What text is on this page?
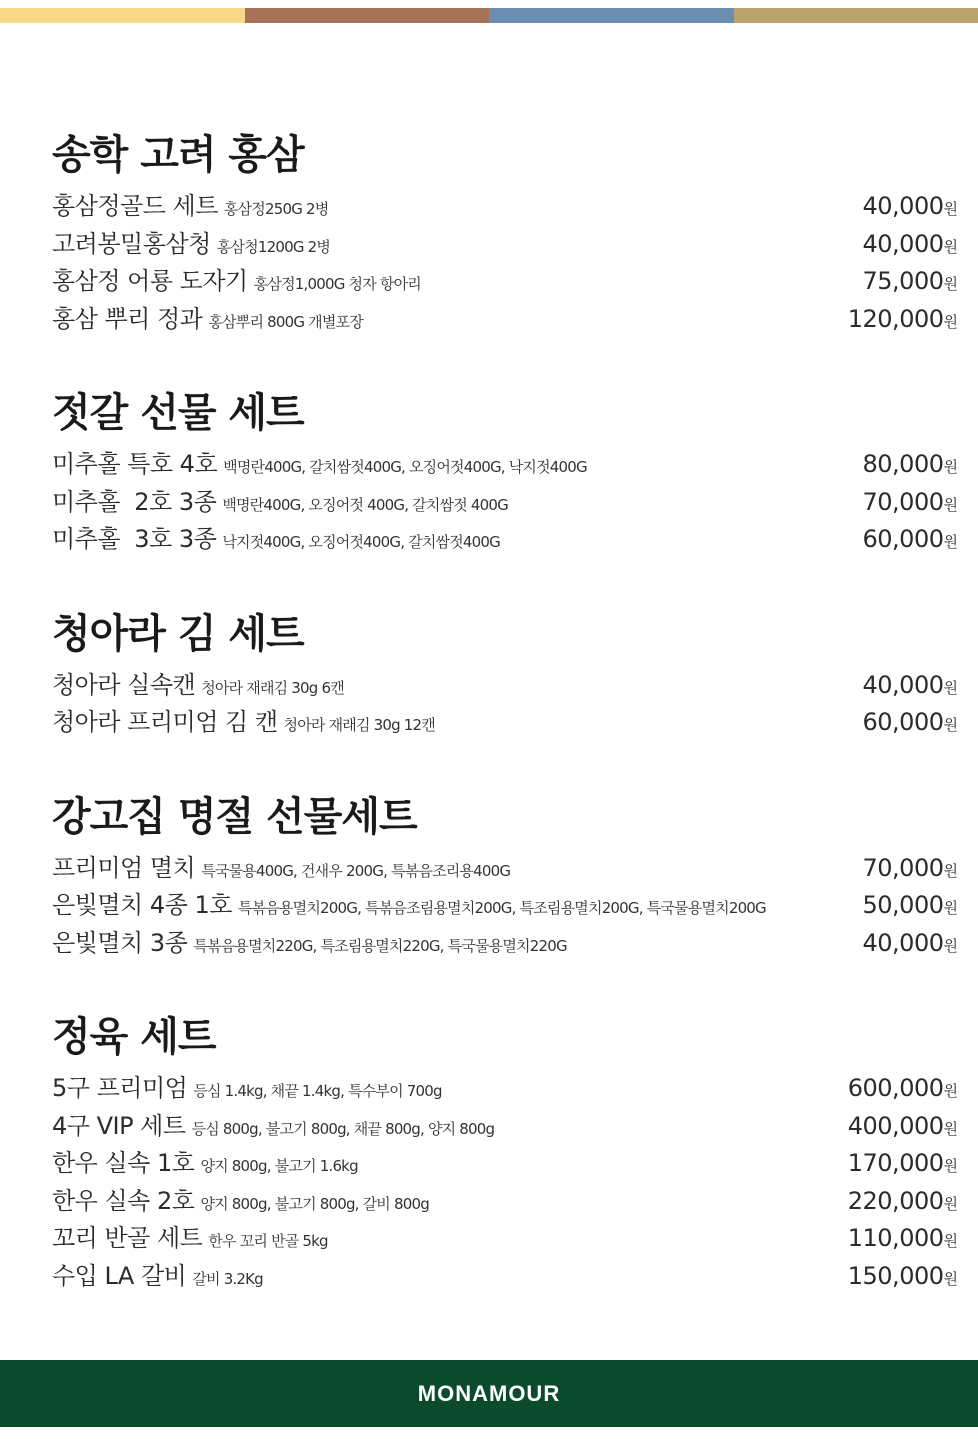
송학 고려 홍삼
홍삼정골드 세트 홍삼정250G 2병	40,000원
고려봉밀홍삼청 홍삼청1200G 2병	40,000원
홍삼정 어룡 도자기 홍삼정1,000G 청자 항아리	75,000원
홍삼 뿌리 정과 홍삼뿌리 800G 개별포장	120,000원
젓갈 선물 세트
미추홀 특호 4호 백명란400G, 갈치쌈젓400G, 오징어젓400G, 낙지젓400G	80,000원
미추홀  2호 3종 백명란400G, 오징어젓 400G, 갈치쌈젓 400G	70,000원
미추홀  3호 3종 낙지젓400G, 오징어젓400G, 갈치쌈젓400G	60,000원
청아라 김 세트
청아라 실속캔 청아라 재래김 30g 6캔	40,000원
청아라 프리미엄 김 캔 청아라 재래김 30g 12캔	60,000원
강고집 명절 선물세트
프리미엄 멸치 특국물용400G, 건새우 200G, 특볶음조리용400G	70,000원
은빛멸치 4종 1호 특볶음용멸치200G, 특볶음조림용멸치200G, 특조림용멸치200G, 특국물용멸치200G	50,000원
은빛멸치 3종 특볶음용멸치220G, 특조림용멸치220G, 특국물용멸치220G	40,000원
정육 세트
5구 프리미엄 등심 1.4kg, 채끝 1.4kg, 특수부이 700g	600,000원
4구 VIP 세트 등심 800g, 불고기 800g, 채끝 800g, 양지 800g	400,000원
한우 실속 1호 양지 800g, 불고기 1.6kg	170,000원
한우 실속 2호 양지 800g, 불고기 800g, 갈비 800g	220,000원
꼬리 반골 세트 한우 꼬리 반골 5kg	110,000원
수입 LA 갈비 갈비 3.2Kg	150,000원
MONAMOUR
